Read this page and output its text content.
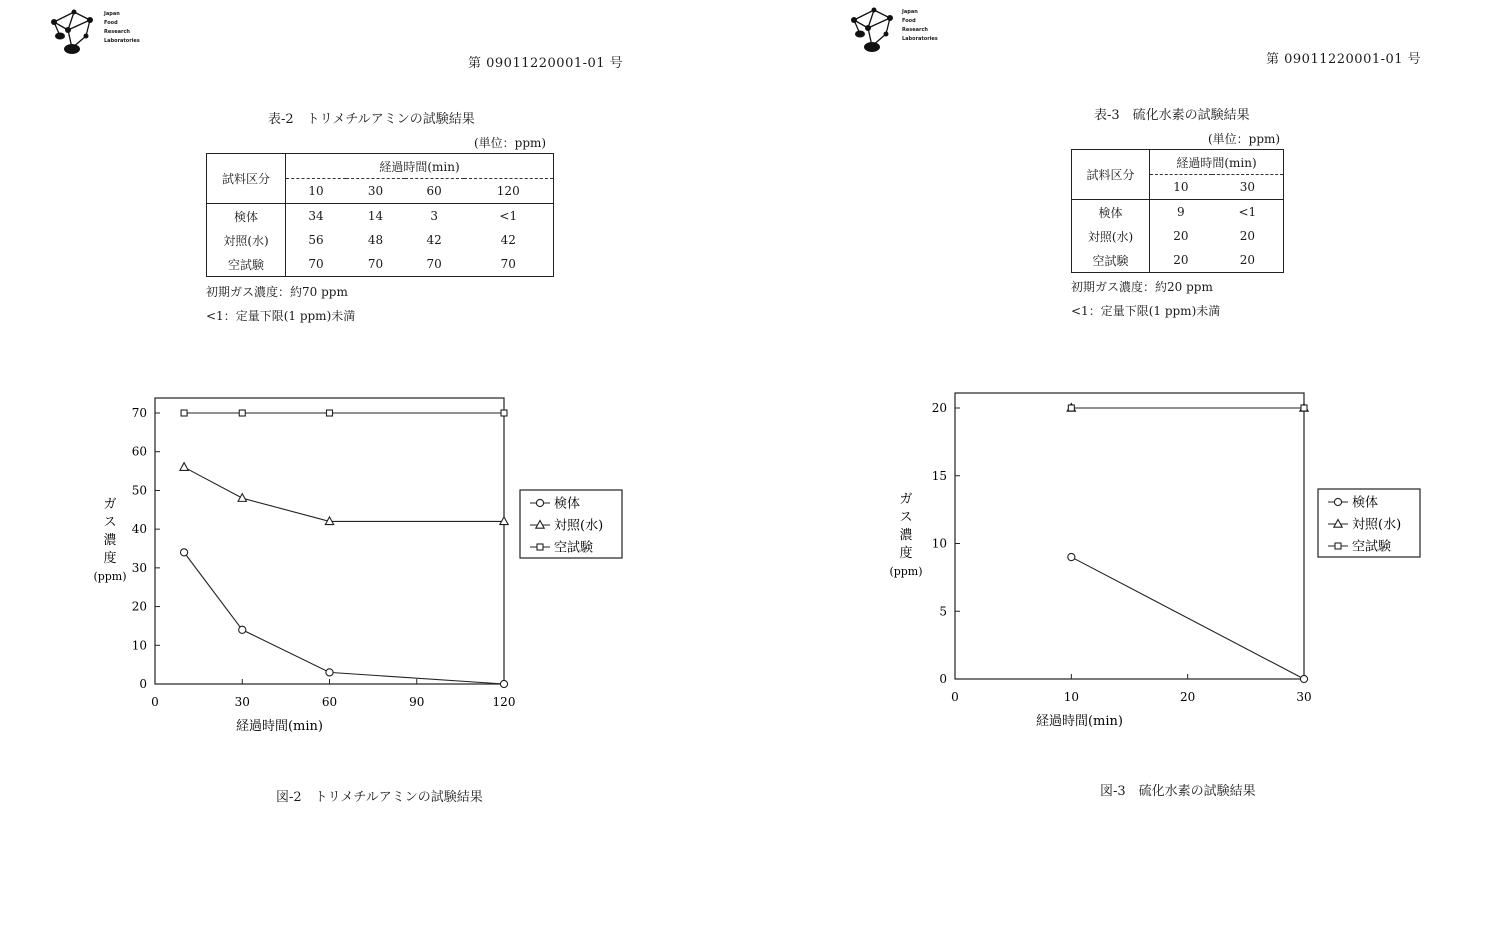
Japan
Food
Research
Laboratories
第 09011220001-01 号
表-2　トリメチルアミンの試験結果
(単位：ppm)
試料区分	経過時間(min)			
	10	30	60	120
検体	34	14	3	<1
対照(水)	56	48	42	42
空試験	70	70	70	70
初期ガス濃度：約70 ppm
<1：定量下限(1 ppm)未満
0
10
20
30
40
50
60
70
0	30	60	90	120
経過時間(min)
ガス濃度(ppm)
検体
対照(水)
空試験
図-2　トリメチルアミンの試験結果
Japan
Food
Research
Laboratories
第 09011220001-01 号
表-3　硫化水素の試験結果
(単位：ppm)
試料区分	経過時間(min)	
	10	30
検体	9	<1
対照(水)	20	20
空試験	20	20
初期ガス濃度：約20 ppm
<1：定量下限(1 ppm)未満
0
5
10
15
20
0	10	20	30
経過時間(min)
ガス濃度(ppm)
検体
対照(水)
空試験
図-3　硫化水素の試験結果
